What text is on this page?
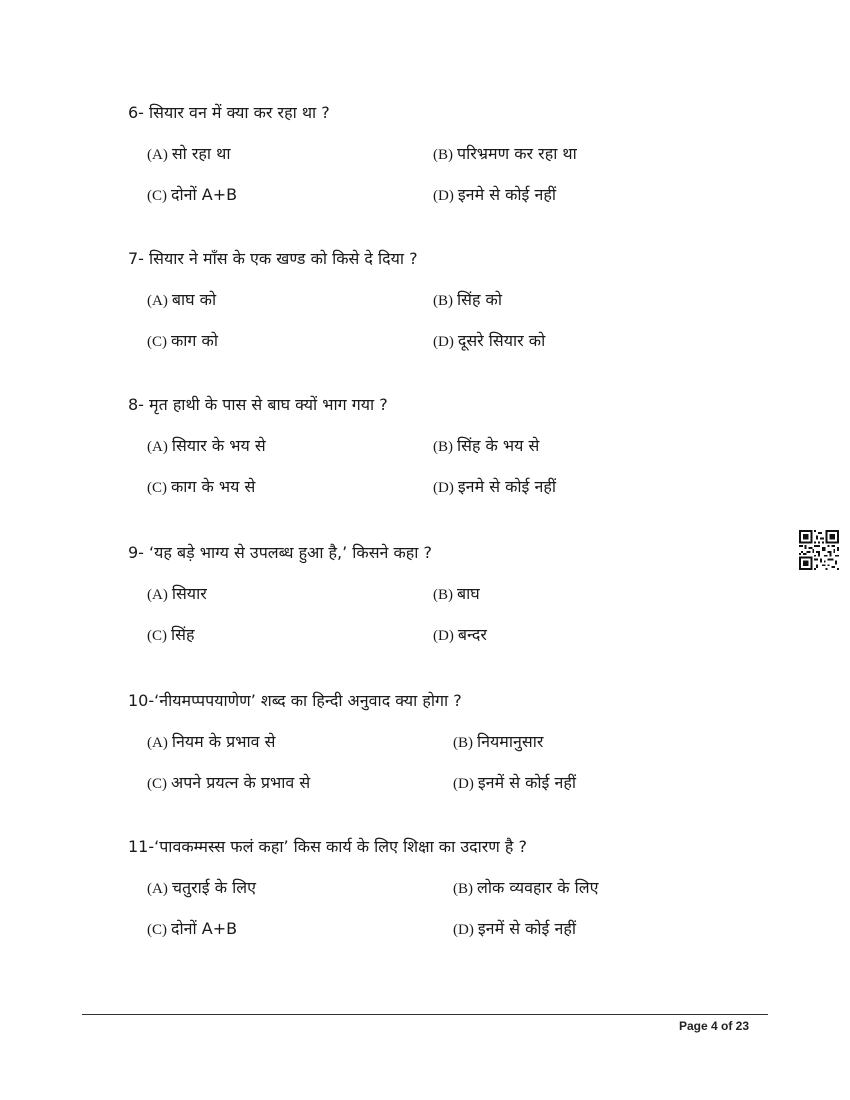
6- सियार वन में क्या कर रहा था ?
(A) सो रहा था	(B) परिभ्रमण कर रहा था
(C) दोनों A+B	(D) इनमे से कोई नहीं
7- सियार ने माँस के एक खण्ड को किसे दे दिया ?
(A) बाघ को	(B) सिंह को
(C) काग को	(D) दूसरे सियार को
8- मृत हाथी के पास से बाघ क्यों भाग गया ?
(A) सियार के भय से	(B) सिंह के भय से
(C) काग के भय से	(D) इनमे से कोई नहीं
9- ‘यह बड़े भाग्य से उपलब्ध हुआ है,’ किसने कहा ?
(A) सियार	(B) बाघ
(C) सिंह	(D) बन्दर
10-‘नीयमप्पपयाणेण’ शब्द का हिन्दी अनुवाद क्या होगा ?
(A) नियम के प्रभाव से	(B) नियमानुसार
(C) अपने प्रयत्न के प्रभाव से	(D) इनमें से कोई नहीं
11-‘पावकम्मस्स फलं कहा’ किस कार्य के लिए शिक्षा का उदारण है ?
(A) चतुराई के लिए	(B) लोक व्यवहार के लिए
(C) दोनों A+B	(D) इनमें से कोई नहीं
Page 4 of 23
